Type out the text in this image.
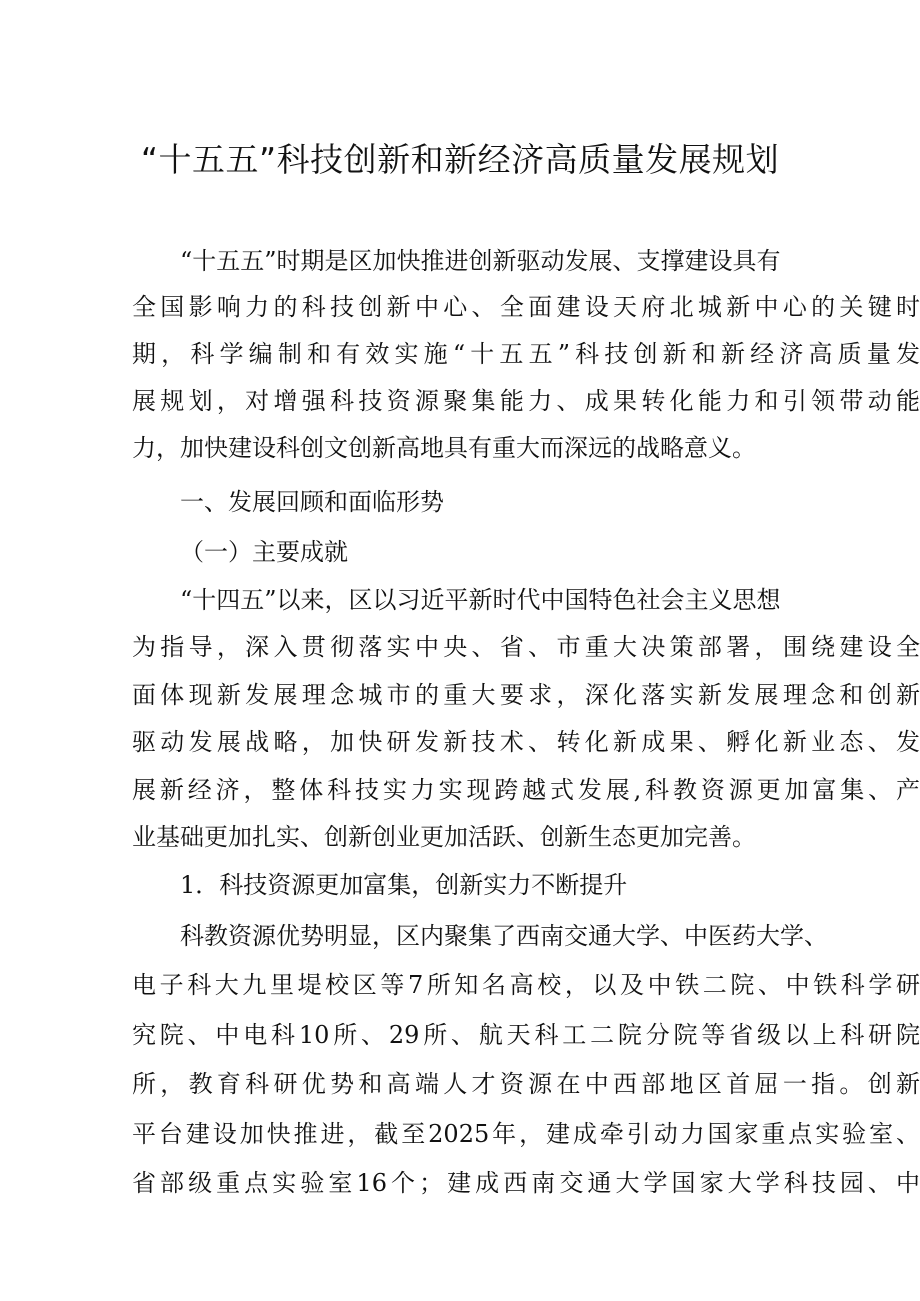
“十五五”科技创新和新经济高质量发展规划

“十五五”时期是区加快推进创新驱动发展、支撑建设具有

全国影响力的科技创新中心、全面建设天府北城新中心的关键时

期，科学编制和有效实施“十五五”科技创新和新经济高质量发

展规划，对增强科技资源聚集能力、成果转化能力和引领带动能

力，加快建设科创文创新高地具有重大而深远的战略意义。

一、发展回顾和面临形势

（一）主要成就

“十四五”以来，区以习近平新时代中国特色社会主义思想

为指导，深入贯彻落实中央、省、市重大决策部署，围绕建设全

面体现新发展理念城市的重大要求，深化落实新发展理念和创新

驱动发展战略，加快研发新技术、转化新成果、孵化新业态、发

展新经济，整体科技实力实现跨越式发展,科教资源更加富集、产

业基础更加扎实、创新创业更加活跃、创新生态更加完善。

1．科技资源更加富集，创新实力不断提升

科教资源优势明显，区内聚集了西南交通大学、中医药大学、

电子科大九里堤校区等7所知名高校，以及中铁二院、中铁科学研

究院、中电科10所、29所、航天科工二院分院等省级以上科研院

所，教育科研优势和高端人才资源在中西部地区首屈一指。创新

平台建设加快推进，截至2025年，建成牵引动力国家重点实验室、

省部级重点实验室16个；建成西南交通大学国家大学科技园、中
